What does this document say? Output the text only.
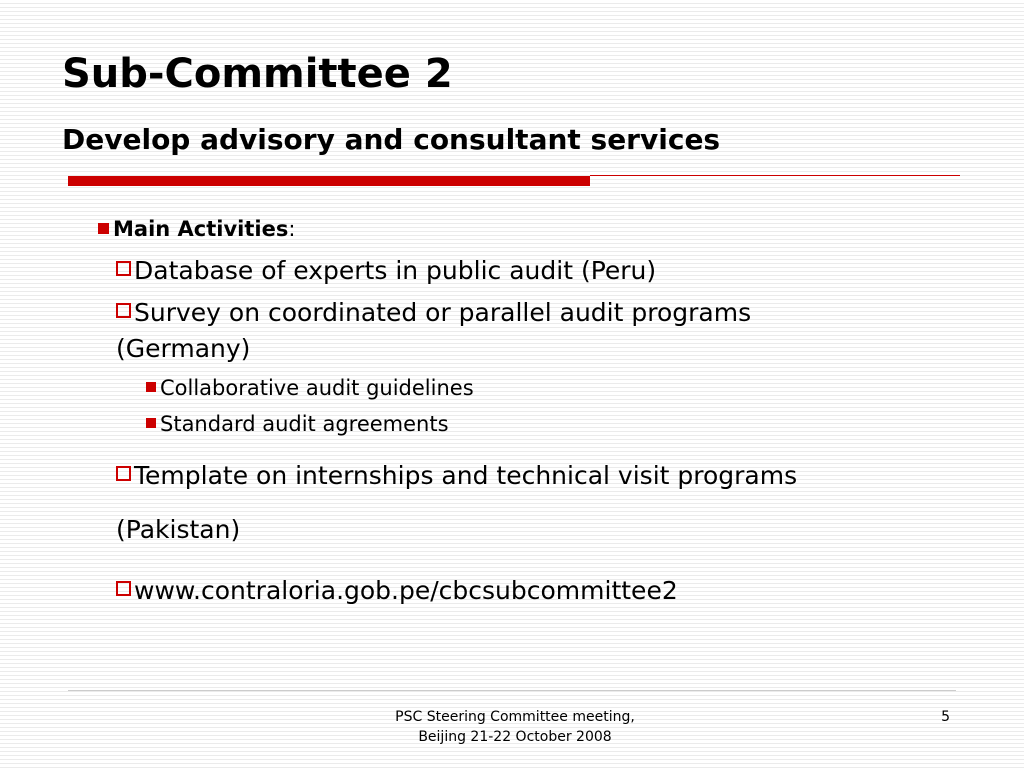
Sub-Committee 2
Develop advisory and consultant services
Main Activities:
Database of experts in public audit (Peru)
Survey on coordinated or parallel audit programs
(Germany)
Collaborative audit guidelines
Standard audit agreements
Template on internships and technical visit programs
(Pakistan)
www.contraloria.gob.pe/cbcsubcommittee2
PSC Steering Committee meeting,
Beijing 21-22 October 2008
5
